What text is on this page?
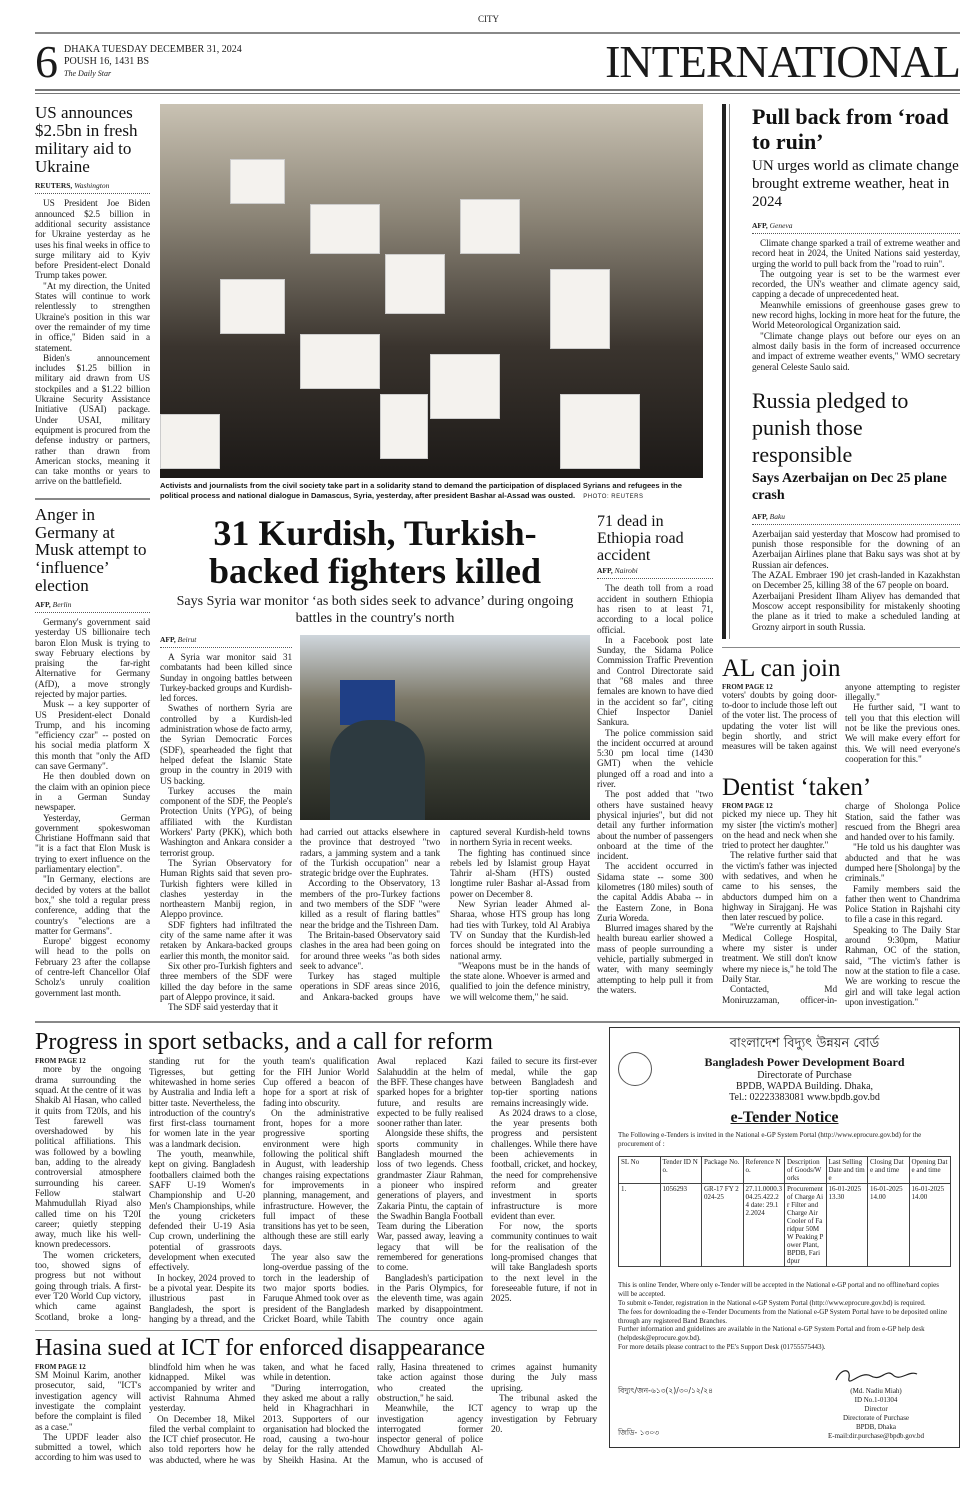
CITY
6 DHAKA TUESDAY DECEMBER 31, 2024
POUSH 16, 1431 BS
The Daily Star	INTERNATIONAL
US announces $2.5bn in fresh military aid to Ukraine
REUTERS, Washington

US President Joe Biden announced $2.5 billion in additional security assistance for Ukraine yesterday as he uses his final weeks in office to surge military aid to Kyiv before President-elect Donald Trump takes power.

"At my direction, the United States will continue to work relentlessly to strengthen Ukraine's position in this war over the remainder of my time in office," Biden said in a statement.

Biden's announcement includes $1.25 billion in military aid drawn from US stockpiles and a $1.22 billion Ukraine Security Assistance Initiative (USAI) package. Under USAI, military equipment is procured from the defense industry or partners, rather than drawn from American stocks, meaning it can take months or years to arrive on the battlefield.

Anger in Germany at Musk attempt to ‘influence’ election
AFP, Berlin

Germany's government said yesterday US billionaire tech baron Elon Musk is trying to sway February elections by praising the far-right Alternative for Germany (AfD), a move strongly rejected by major parties.

Musk -- a key supporter of US President-elect Donald Trump, and his incoming "efficiency czar" -- posted on his social media platform X this month that "only the AfD can save Germany".

He then doubled down on the claim with an opinion piece in a German Sunday newspaper.

Yesterday, German government spokeswoman Christiane Hoffmann said that "it is a fact that Elon Musk is trying to exert influence on the parliamentary election".

"In Germany, elections are decided by voters at the ballot box," she told a regular press conference, adding that the country's "elections are a matter for Germans".

Europe' biggest economy will head to the polls on February 23 after the collapse of centre-left Chancellor Olaf Scholz's unruly coalition government last month.

Activists and journalists from the civil society take part in a solidarity stand to demand the participation of displaced Syrians and refugees in the political process and national dialogue in Damascus, Syria, yesterday, after president Bashar al-Assad was ousted. PHOTO: REUTERS
31 Kurdish, Turkish-backed fighters killed
Says Syria war monitor ‘as both sides seek to advance’ during ongoing battles in the country's north
AFP, Beirut

A Syria war monitor said 31 combatants had been killed since Sunday in ongoing battles between Turkey-backed groups and Kurdish-led forces.

Swathes of northern Syria are controlled by a Kurdish-led administration whose de facto army, the Syrian Democratic Forces (SDF), spearheaded the fight that helped defeat the Islamic State group in the country in 2019 with US backing.

Turkey accuses the main component of the SDF, the People's Protection Units (YPG), of being affiliated with the Kurdistan Workers' Party (PKK), which both Washington and Ankara consider a terrorist group.

The Syrian Observatory for Human Rights said that seven pro-Turkish fighters were killed in clashes yesterday in the northeastern Manbij region, in Aleppo province.

SDF fighters had infiltrated the city of the same name after it was retaken by Ankara-backed groups earlier this month, the monitor said.

Six other pro-Turkish fighters and three members of the SDF were killed the day before in the same part of Aleppo province, it said.

The SDF said yesterday that it

had carried out attacks elsewhere in the province that destroyed "two radars, a jamming system and a tank of the Turkish occupation" near a strategic bridge over the Euphrates.

According to the Observatory, 13 members of the pro-Turkey factions and two members of the SDF "were killed as a result of flaring battles" near the bridge and the Tishreen Dam.

The Britain-based Observatory said clashes in the area had been going on for around three weeks "as both sides seek to advance".

Turkey has staged multiple operations in SDF areas since 2016, and Ankara-backed groups have captured several Kurdish-held towns in northern Syria in recent weeks.

The fighting has continued since rebels led by Islamist group Hayat Tahrir al-Sham (HTS) ousted longtime ruler Bashar al-Assad from power on December 8.

New Syrian leader Ahmed al-Sharaa, whose HTS group has long had ties with Turkey, told Al Arabiya TV on Sunday that the Kurdish-led forces should be integrated into the national army.

"Weapons must be in the hands of the state alone. Whoever is armed and qualified to join the defence ministry, we will welcome them," he said.

71 dead in Ethiopia road accident
AFP, Nairobi

The death toll from a road accident in southern Ethiopia has risen to at least 71, according to a local police official.

In a Facebook post late Sunday, the Sidama Police Commission Traffic Prevention and Control Directorate said that "68 males and three females are known to have died in the accident so far", citing Chief Inspector Daniel Sankura.

The police commission said the incident occurred at around 5:30 pm local time (1430 GMT) when the vehicle plunged off a road and into a river.

The post added that "two others have sustained heavy physical injuries", but did not detail any further information about the number of passengers onboard at the time of the incident.

The accident occurred in Sidama state -- some 300 kilometres (180 miles) south of the capital Addis Ababa -- in the Eastern Zone, in Bona Zuria Woreda.

Blurred images shared by the health bureau earlier showed a mass of people surrounding a vehicle, partially submerged in water, with many seemingly attempting to help pull it from the waters.

Pull back from ‘road to ruin’
UN urges world as climate change brought extreme weather, heat in 2024
AFP, Geneva

Climate change sparked a trail of extreme weather and record heat in 2024, the United Nations said yesterday, urging the world to pull back from the "road to ruin".

The outgoing year is set to be the warmest ever recorded, the UN's weather and climate agency said, capping a decade of unprecedented heat.

Meanwhile emissions of greenhouse gases grew to new record highs, locking in more heat for the future, the World Meteorological Organization said.

"Climate change plays out before our eyes on an almost daily basis in the form of increased occurrence and impact of extreme weather events," WMO secretary general Celeste Saulo said.

Russia pledged to punish those responsible
Says Azerbaijan on Dec 25 plane crash
AFP, Baku

Azerbaijan said yesterday that Moscow had promised to punish those responsible for the downing of an Azerbaijan Airlines plane that Baku says was shot at by Russian air defences.

The AZAL Embraer 190 jet crash-landed in Kazakhstan on December 25, killing 38 of the 67 people on board.

Azerbaijani President Ilham Aliyev has demanded that Moscow accept responsibility for mistakenly shooting the plane as it tried to make a scheduled landing at Grozny airport in south Russia.

AL can join
FROM PAGE 12

voters' doubts by going door-to-door to include those left out of the voter list. The process of updating the voter list will begin shortly, and strict measures will be taken against anyone attempting to register illegally."

He further said, "I want to tell you that this election will not be like the previous ones. We will make every effort for this. We will need everyone's cooperation for this."

Dentist ‘taken’
FROM PAGE 12

picked my niece up. They hit my sister [the victim's mother] on the head and neck when she tried to protect her daughter."

The relative further said that the victim's father was injected with sedatives, and when he came to his senses, the abductors dumped him on a highway in Sirajganj. He was then later rescued by police.

"We're currently at Rajshahi Medical College Hospital, where my sister is under treatment. We still don't know where my niece is," he told The Daily Star.

Contacted, Md Moniruzzaman, officer-in-charge of Sholonga Police Station, said the father was rescued from the Bhegri area and handed over to his family.

"He told us his daughter was abducted and that he was dumped here [Sholonga] by the criminals."

Family members said the father then went to Chandrima Police Station in Rajshahi city to file a case in this regard.

Speaking to The Daily Star around 9:30pm, Matiur Rahman, OC of the station, said, "The victim's father is now at the station to file a case. We are working to rescue the girl and will take legal action upon investigation."

Progress in sport setbacks, and a call for reform
FROM PAGE 12

more by the ongoing drama surrounding the squad. At the centre of it was Shakib Al Hasan, who called it quits from T20Is, and his Test farewell was overshadowed by his political affiliations. This was followed by a bowling ban, adding to the already controversial atmosphere surrounding his career. Fellow stalwart Mahmudullah Riyad also called time on his T20I career; quietly stepping away, much like his well-known predecessors.

The women cricketers, too, showed signs of progress but not without going through trials. A first-ever T20 World Cup victory, which came against Scotland, broke a long-standing rut for the Tigresses, but getting whitewashed in home series by Australia and India left a bitter taste. Nevertheless, the introduction of the country's first first-class tournament for women late in the year was a landmark decision.

The youth, meanwhile, kept on giving. Bangladesh footballers claimed both the SAFF U-19 Women's Championship and U-20 Men's Championships, while the young cricketers defended their U-19 Asia Cup crown, underlining the potential of grassroots development when executed effectively.

In hockey, 2024 proved to be a pivotal year. Despite its illustrious past in Bangladesh, the sport is hanging by a thread, and the youth team's qualification for the FIH Junior World Cup offered a beacon of hope for a sport at risk of fading into obscurity.

On the administrative front, hopes for a more progressive sporting environment were high following the political shift in August, with leadership changes raising expectations for improvements in planning, management, and infrastructure. However, the full impact of these transitions has yet to be seen, although these are still early days.

The year also saw the long-overdue passing of the torch in the leadership of two major sports bodies. Faruque Ahmed took over as president of the Bangladesh Cricket Board, while Tabith Awal replaced Kazi Salahuddin at the helm of the BFF. These changes have sparked hopes for a brighter future, and results are expected to be fully realised sooner rather than later.

Alongside these shifts, the sports community in Bangladesh mourned the loss of two legends. Chess grandmaster Ziaur Rahman, a pioneer who inspired generations of players, and Zakaria Pintu, the captain of the Swadhin Bangla Football Team during the Liberation War, passed away, leaving a legacy that will be remembered for generations to come.

Bangladesh's participation in the Paris Olympics, for the eleventh time, was again marked by disappointment. The country once again failed to secure its first-ever medal, while the gap between Bangladesh and top-tier sporting nations remains increasingly wide.

As 2024 draws to a close, the year presents both progress and persistent challenges. While there have been achievements in football, cricket, and hockey, the need for comprehensive reform and greater investment in sports infrastructure is more evident than ever.

For now, the sports community continues to wait for the realisation of the long-promised changes that will take Bangladesh sports to the next level in the foreseeable future, if not in 2025.

Hasina sued at ICT for enforced disappearance
FROM PAGE 12

SM Moinul Karim, another prosecutor, said, "ICT's investigation agency will investigate the complaint before the complaint is filed as a case."

The UPDF leader also submitted a towel, which according to him was used to blindfold him when he was kidnapped. Mikel was accompanied by writer and activist Rahnuma Ahmed yesterday.

On December 18, Mikel filed the verbal complaint to the ICT chief prosecutor. He also told reporters how he was abducted, where he was taken, and what he faced while in detention.

"During interrogation, they asked me about a rally held in Khagrachhari in 2013. Supporters of our organisation had blocked the road, causing a two-hour delay for the rally attended by Sheikh Hasina. At the rally, Hasina threatened to take action against those who created the obstruction," he said.

Meanwhile, the ICT investigation agency interrogated former inspector general of police Chowdhury Abdullah Al-Mamun, who is accused of crimes against humanity during the July mass uprising.

The tribunal asked the agency to wrap up the investigation by February 20.

বাংলাদেশ বিদ্যুৎ উন্নয়ন বোর্ড
Bangladesh Power Development Board
Directorate of Purchase
BPDB, WAPDA Building. Dhaka,
Tel.: 02223383081 www.bpdb.gov.bd
e-Tender Notice
The Following e-Tenders is invited in the National e-GP System Portal (http://www.eprocure.gov.bd) for the procurement of :
SL No	Tender ID No.	Package No.	Reference No.	Description of Goods/Works	Last Selling Date and time	Closing Date and time	Opening Date and time
1.	1056293	GR-17 FY 2024-25	27.11.0000.304.25.422.24 date: 29.12.2024	Procurement of Charge Air Filter and Charge Air Cooler of Faridpur 50MW Peaking Power Plant, BPDB, Faridpur	16-01-2025 13.30	16-01-2025 14.00	16-01-2025 14.00

This is online Tender, Where only e-Tender will be accepted in the National e-GP portal and no offline/hard copies will be accepted.

To submit e-Tender, registration in the National e-GP System Portal (http://www.eprocure.gov.bd) is required.

The fees for downloading the e-Tender Documents from the National e-GP System Portal have to be deposited online through any registered Band Branches.

Further information and guidelines are available in the National e-GP System Portal and from e-GP help desk (helpdesk@eprocure.gov.bd).

For more details please contract to the PE's Support Desk (01755575443).

বিদ্যুৎ/জন-৬১৩(২)/৩০/১২/২৪
জিডি- ১৩০৩
(Md. Nadiu Miah)
ID No.1-01304
Director
Directorate of Purchase
BPDB, Dhaka
E-mail:dir.purchase@bpdb.gov.bd
